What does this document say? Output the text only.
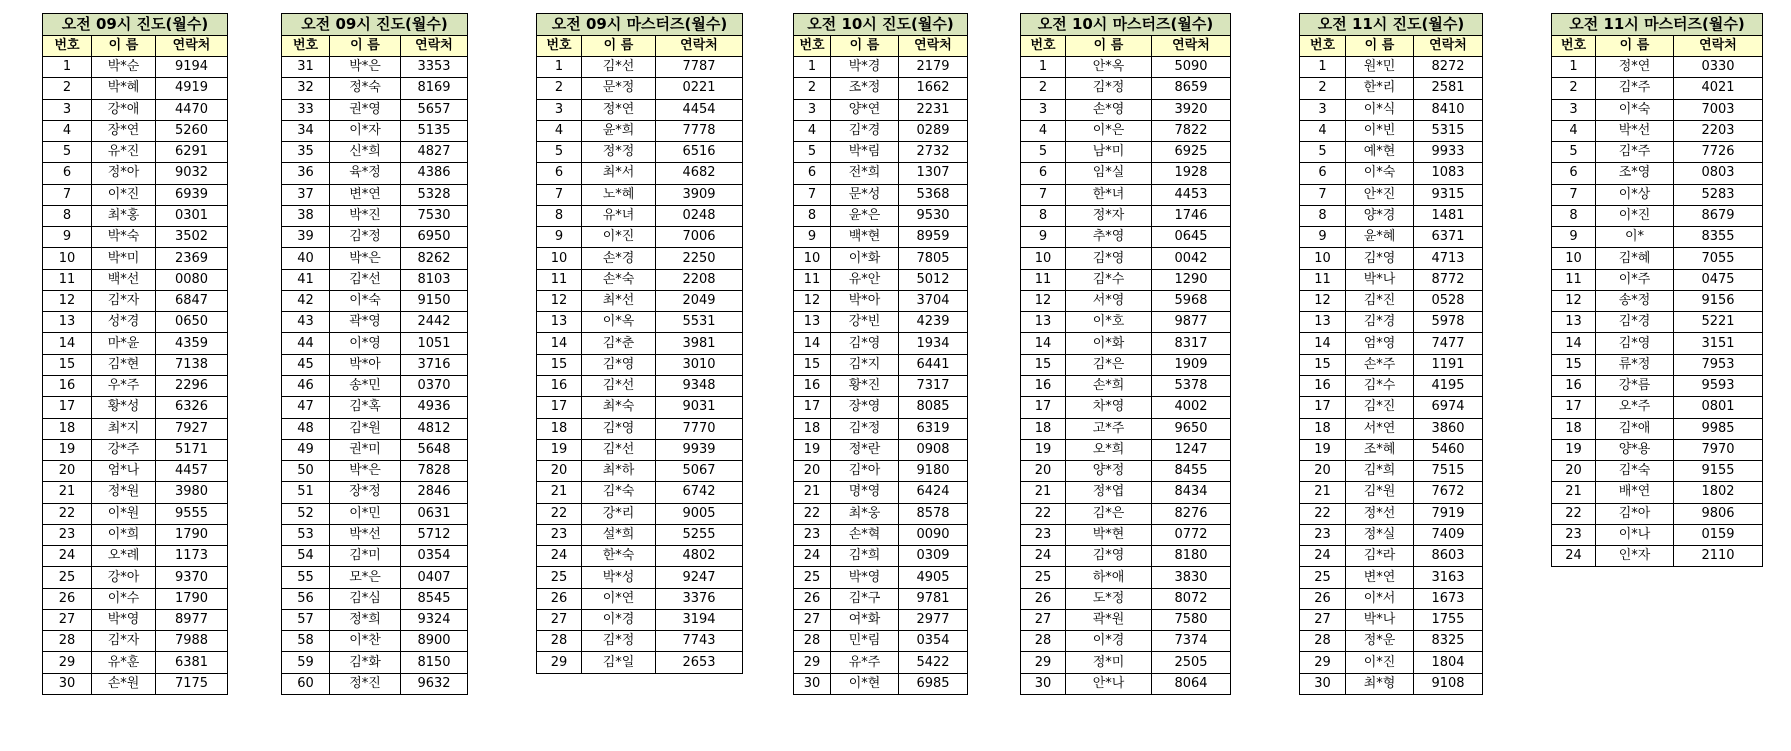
오전 09시 진도(월수)		
번호	이 름	연락처
1	박*순	9194
2	박*혜	4919
3	강*애	4470
4	장*연	5260
5	유*진	6291
6	정*아	9032
7	이*진	6939
8	최*홍	0301
9	박*숙	3502
10	박*미	2369
11	백*선	0080
12	김*자	6847
13	성*경	0650
14	마*윤	4359
15	김*현	7138
16	우*주	2296
17	황*성	6326
18	최*지	7927
19	강*주	5171
20	엄*나	4457
21	정*원	3980
22	이*원	9555
23	이*희	1790
24	오*례	1173
25	강*아	9370
26	이*수	1790
27	박*영	8977
28	김*자	7988
29	유*훈	6381
30	손*원	7175
오전 09시 진도(월수)		
번호	이 름	연락처
31	박*은	3353
32	정*숙	8169
33	권*영	5657
34	이*자	5135
35	신*희	4827
36	육*정	4386
37	변*연	5328
38	박*진	7530
39	김*정	6950
40	박*은	8262
41	김*선	8103
42	이*숙	9150
43	곽*영	2442
44	이*영	1051
45	박*아	3716
46	송*민	0370
47	김*혹	4936
48	김*원	4812
49	권*미	5648
50	박*은	7828
51	장*정	2846
52	이*민	0631
53	박*선	5712
54	김*미	0354
55	모*은	0407
56	김*심	8545
57	정*희	9324
58	이*찬	8900
59	김*화	8150
60	정*진	9632
오전 09시 마스터즈(월수)		
번호	이 름	연락처
1	김*선	7787
2	문*정	0221
3	정*연	4454
4	윤*희	7778
5	정*정	6516
6	최*서	4682
7	노*혜	3909
8	유*녀	0248
9	이*진	7006
10	손*경	2250
11	손*숙	2208
12	최*선	2049
13	이*옥	5531
14	김*춘	3981
15	김*영	3010
16	김*선	9348
17	최*숙	9031
18	김*영	7770
19	김*선	9939
20	최*하	5067
21	김*숙	6742
22	강*리	9005
23	설*희	5255
24	한*숙	4802
25	박*성	9247
26	이*연	3376
27	이*경	3194
28	김*정	7743
29	김*일	2653
오전 10시 진도(월수)		
번호	이 름	연락처
1	박*경	2179
2	조*정	1662
3	양*연	2231
4	김*경	0289
5	박*림	2732
6	전*희	1307
7	문*성	5368
8	윤*은	9530
9	백*현	8959
10	이*화	7805
11	유*안	5012
12	박*아	3704
13	강*빈	4239
14	김*영	1934
15	김*지	6441
16	황*진	7317
17	장*영	8085
18	김*정	6319
19	정*란	0908
20	김*아	9180
21	명*영	6424
22	최*웅	8578
23	손*혁	0090
24	김*희	0309
25	박*영	4905
26	김*구	9781
27	여*화	2977
28	민*림	0354
29	유*주	5422
30	이*현	6985
오전 10시 마스터즈(월수)		
번호	이 름	연락처
1	안*옥	5090
2	김*정	8659
3	손*영	3920
4	이*은	7822
5	남*미	6925
6	임*실	1928
7	한*녀	4453
8	정*자	1746
9	추*영	0645
10	김*영	0042
11	김*수	1290
12	서*영	5968
13	이*호	9877
14	이*화	8317
15	김*은	1909
16	손*희	5378
17	차*영	4002
18	고*주	9650
19	오*희	1247
20	양*정	8455
21	정*엽	8434
22	김*은	8276
23	박*현	0772
24	김*영	8180
25	하*애	3830
26	도*정	8072
27	곽*원	7580
28	이*경	7374
29	정*미	2505
30	안*나	8064
오전 11시 진도(월수)		
번호	이 름	연락처
1	원*민	8272
2	한*리	2581
3	이*식	8410
4	이*빈	5315
5	예*현	9933
6	이*숙	1083
7	안*진	9315
8	양*경	1481
9	윤*혜	6371
10	김*영	4713
11	박*나	8772
12	김*진	0528
13	김*경	5978
14	엄*영	7477
15	손*주	1191
16	김*수	4195
17	김*진	6974
18	서*연	3860
19	조*혜	5460
20	김*희	7515
21	김*원	7672
22	정*선	7919
23	정*실	7409
24	김*라	8603
25	변*연	3163
26	이*서	1673
27	박*나	1755
28	정*운	8325
29	이*진	1804
30	최*형	9108
오전 11시 마스터즈(월수)		
번호	이 름	연락처
1	정*연	0330
2	김*주	4021
3	이*숙	7003
4	박*선	2203
5	김*주	7726
6	조*영	0803
7	이*상	5283
8	이*진	8679
9	이*	8355
10	김*혜	7055
11	이*주	0475
12	송*정	9156
13	김*경	5221
14	김*영	3151
15	류*정	7953
16	강*름	9593
17	오*주	0801
18	김*애	9985
19	양*용	7970
20	김*숙	9155
21	배*연	1802
22	김*아	9806
23	이*나	0159
24	인*자	2110
